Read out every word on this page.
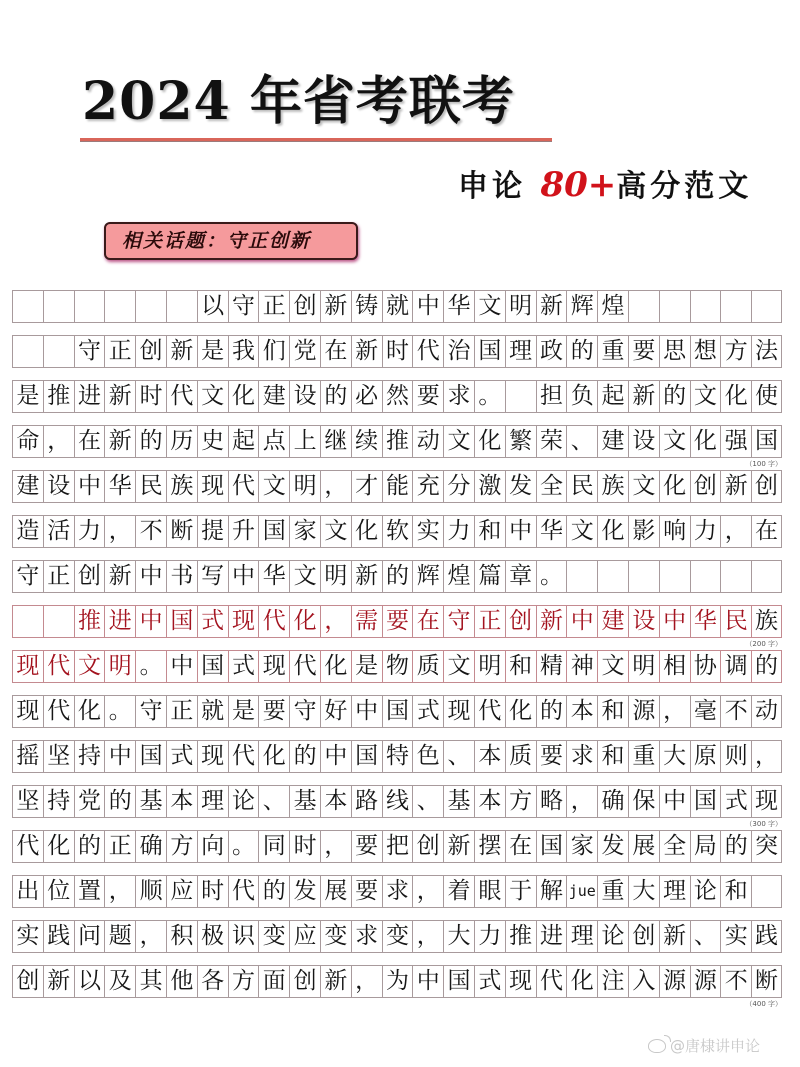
2024 年省考联考
申论 80+高分范文
相关话题：守正创新
以 守 正 创 新 铸 就 中 华 文 明 新 辉 煌
守 正 创 新 是 我 们 党 在 新 时 代 治 国 理 政 的 重 要 思 想 方 法
是 推 进 新 时 代 文 化 建 设 的 必 然 要 求 。 担 负 起 新 的 文 化 使
命 ， 在 新 的 历 史 起 点 上 继 续 推 动 文 化 繁 荣 、 建 设 文 化 强 国
建 设 中 华 民 族 现 代 文 明 ， 才 能 充 分 激 发 全 民 族 文 化 创 新 创
造 活 力 ， 不 断 提 升 国 家 文 化 软 实 力 和 中 华 文 化 影 响 力 ， 在
守 正 创 新 中 书 写 中 华 文 明 新 的 辉 煌 篇 章 。
推 进 中 国 式 现 代 化 ， 需 要 在 守 正 创 新 中 建 设 中 华 民 族
现 代 文 明 。 中 国 式 现 代 化 是 物 质 文 明 和 精 神 文 明 相 协 调 的
现 代 化 。 守 正 就 是 要 守 好 中 国 式 现 代 化 的 本 和 源 ， 毫 不 动
摇 坚 持 中 国 式 现 代 化 的 中 国 特 色 、 本 质 要 求 和 重 大 原 则 ，
坚 持 党 的 基 本 理 论 、 基 本 路 线 、 基 本 方 略 ， 确 保 中 国 式 现
代 化 的 正 确 方 向 。 同 时 ， 要 把 创 新 摆 在 国 家 发 展 全 局 的 突
出 位 置 ， 顺 应 时 代 的 发 展 要 求 ， 着 眼 于 解 jue 重 大 理 论 和
实 践 问 题 ， 积 极 识 变 应 变 求 变 ， 大 力 推 进 理 论 创 新 、 实 践
创 新 以 及 其 他 各 方 面 创 新 ， 为 中 国 式 现 代 化 注 入 源 源 不 断
（100 字）
（200 字）
（300 字）
（400 字）
@唐棣讲申论
